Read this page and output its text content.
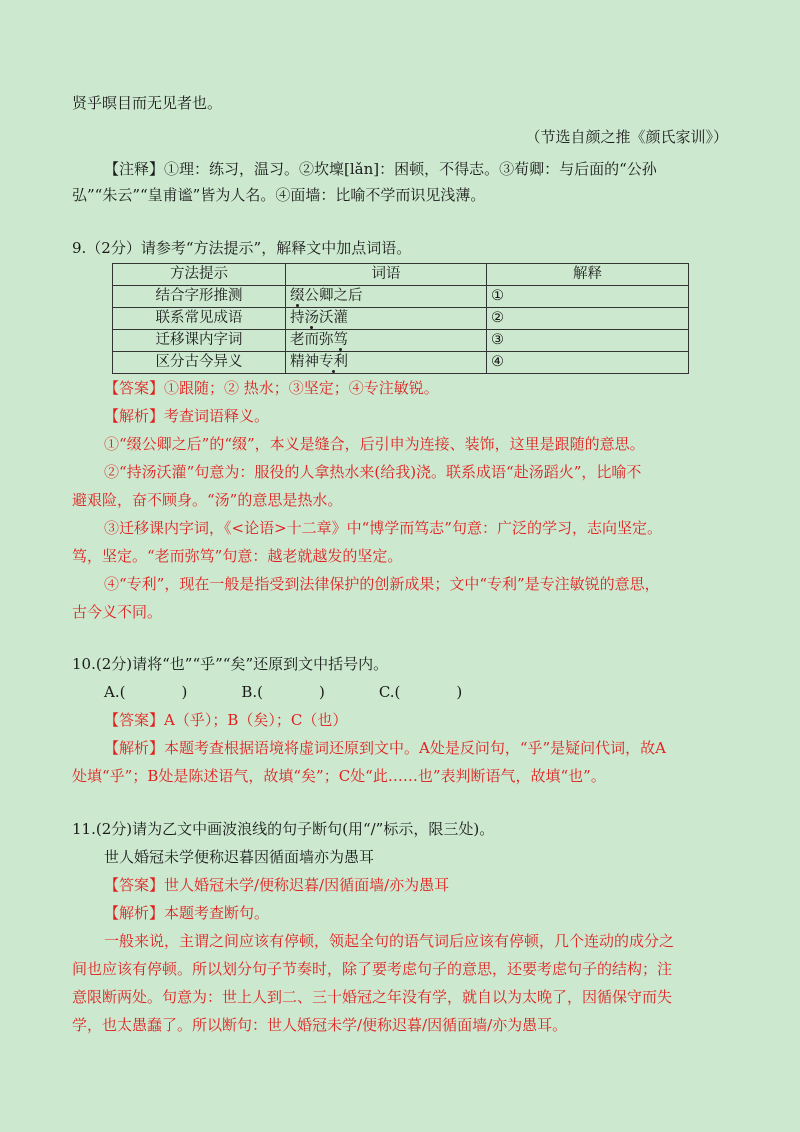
贤乎暝目而无见者也。
（节选自颜之推《颜氏家训》）
【注释】①理：练习，温习。②坎壈[lǎn]：困顿，不得志。③荀卿：与后面的“公孙
弘”“朱云”“皇甫谧”皆为人名。④面墙：比喻不学而识见浅薄。
9.（2分）请参考“方法提示”，解释文中加点词语。
方法提示	词语	解释
结合字形推测	缀公卿之后	①
联系常见成语	持汤沃灌	②
迁移课内字词	老而弥笃	③
区分古今异义	精神专利	④
【答案】①跟随；② 热水；③坚定；④专注敏锐。
【解析】考查词语释义。
①“缀公卿之后”的“缀”，本义是缝合，后引申为连接、装饰，这里是跟随的意思。
②“持汤沃灌”句意为：服役的人拿热水来(给我)浇。联系成语“赴汤蹈火”，比喻不
避艰险，奋不顾身。“汤”的意思是热水。
③迁移课内字词，《<论语>十二章》中“博学而笃志”句意：广泛的学习，志向坚定。
笃，坚定。“老而弥笃”句意：越老就越发的坚定。
④“专利”，现在一般是指受到法律保护的创新成果；文中“专利”是专注敏锐的意思，
古今义不同。
10.(2分)请将“也”“乎”“矣”还原到文中括号内。
A.(	)	B.(	)	C.(	)
【答案】A（乎）；B（矣）；C（也）
【解析】本题考查根据语境将虚词还原到文中。A处是反问句，“乎”是疑问代词，故A
处填“乎”；B处是陈述语气，故填“矣”；C处“此……也”表判断语气，故填“也”。
11.(2分)请为乙文中画波浪线的句子断句(用“/”标示，限三处)。
世人婚冠未学便称迟暮因循面墙亦为愚耳
【答案】世人婚冠未学/便称迟暮/因循面墙/亦为愚耳
【解析】本题考查断句。
一般来说，主谓之间应该有停顿，领起全句的语气词后应该有停顿，几个连动的成分之
间也应该有停顿。所以划分句子节奏时，除了要考虑句子的意思，还要考虑句子的结构；注
意限断两处。句意为：世上人到二、三十婚冠之年没有学，就自以为太晚了，因循保守而失
学，也太愚蠢了。所以断句：世人婚冠未学/便称迟暮/因循面墙/亦为愚耳。
